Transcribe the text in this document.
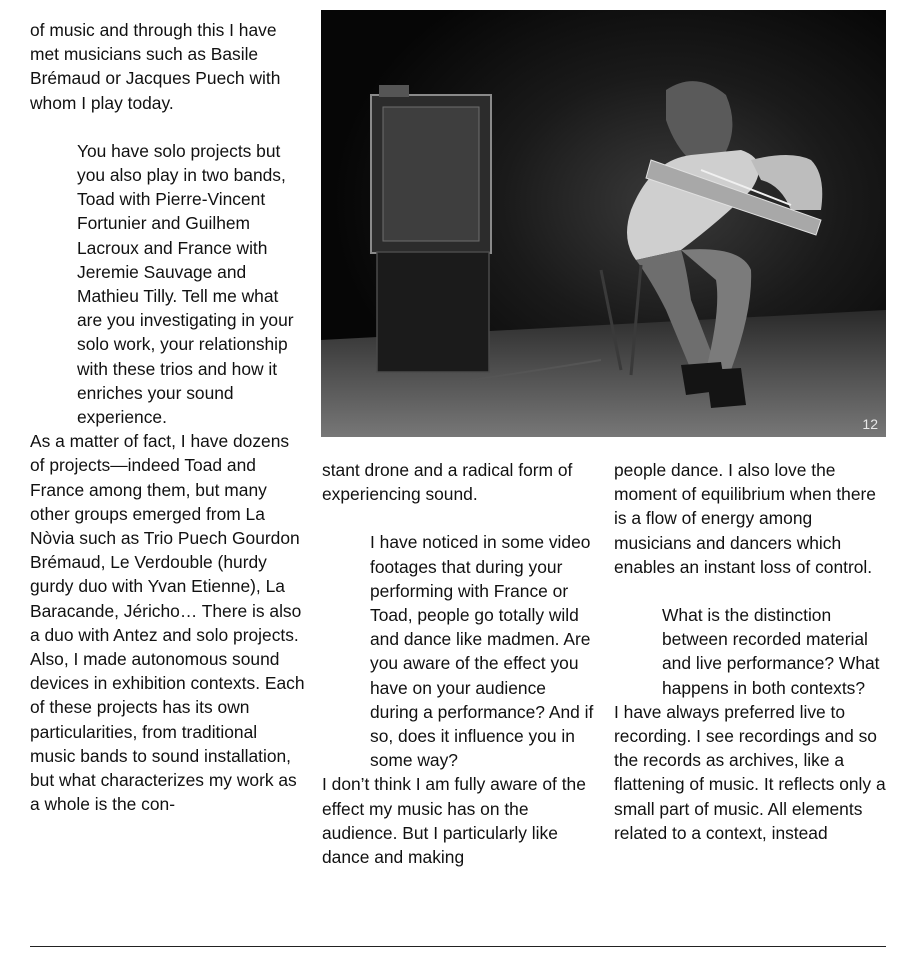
of music and through this I have met musicians such as Basile Brémaud or Jacques Puech with whom I play today.

You have solo projects but you also play in two bands, Toad with Pierre-Vincent Fortunier and Guilhem Lacroux and France with Jeremie Sauvage and Mathieu Tilly. Tell me what are you investigating in your solo work, your relationship with these trios and how it enriches your sound experience.

As a matter of fact, I have dozens of projects—indeed Toad and France among them, but many other groups emerged from La Nòvia such as Trio Puech Gourdon Brémaud, Le Verdouble (hurdy gurdy duo with Yvan Etienne), La Baracande, Jéricho… There is also a duo with Antez and solo projects.

Also, I made autonomous sound devices in exhibition contexts. Each of these projects has its own particularities, from traditional music bands to sound installation, but what characterizes my work as a whole is the con-

12

stant drone and a radical form of experiencing sound.

I have noticed in some video footages that during your performing with France or Toad, people go totally wild and dance like madmen. Are you aware of the effect you have on your audience during a performance? And if so, does it influence you in some way?

I don’t think I am fully aware of the effect my music has on the audience. But I particularly like dance and making

people dance. I also love the moment of equilibrium when there is a flow of energy among musicians and dancers which enables an instant loss of control.

What is the distinction between recorded material and live performance? What happens in both contexts?

I have always preferred live to recording. I see recordings and so the records as archives, like a flattening of music. It reflects only a small part of music. All elements related to a context, instead
